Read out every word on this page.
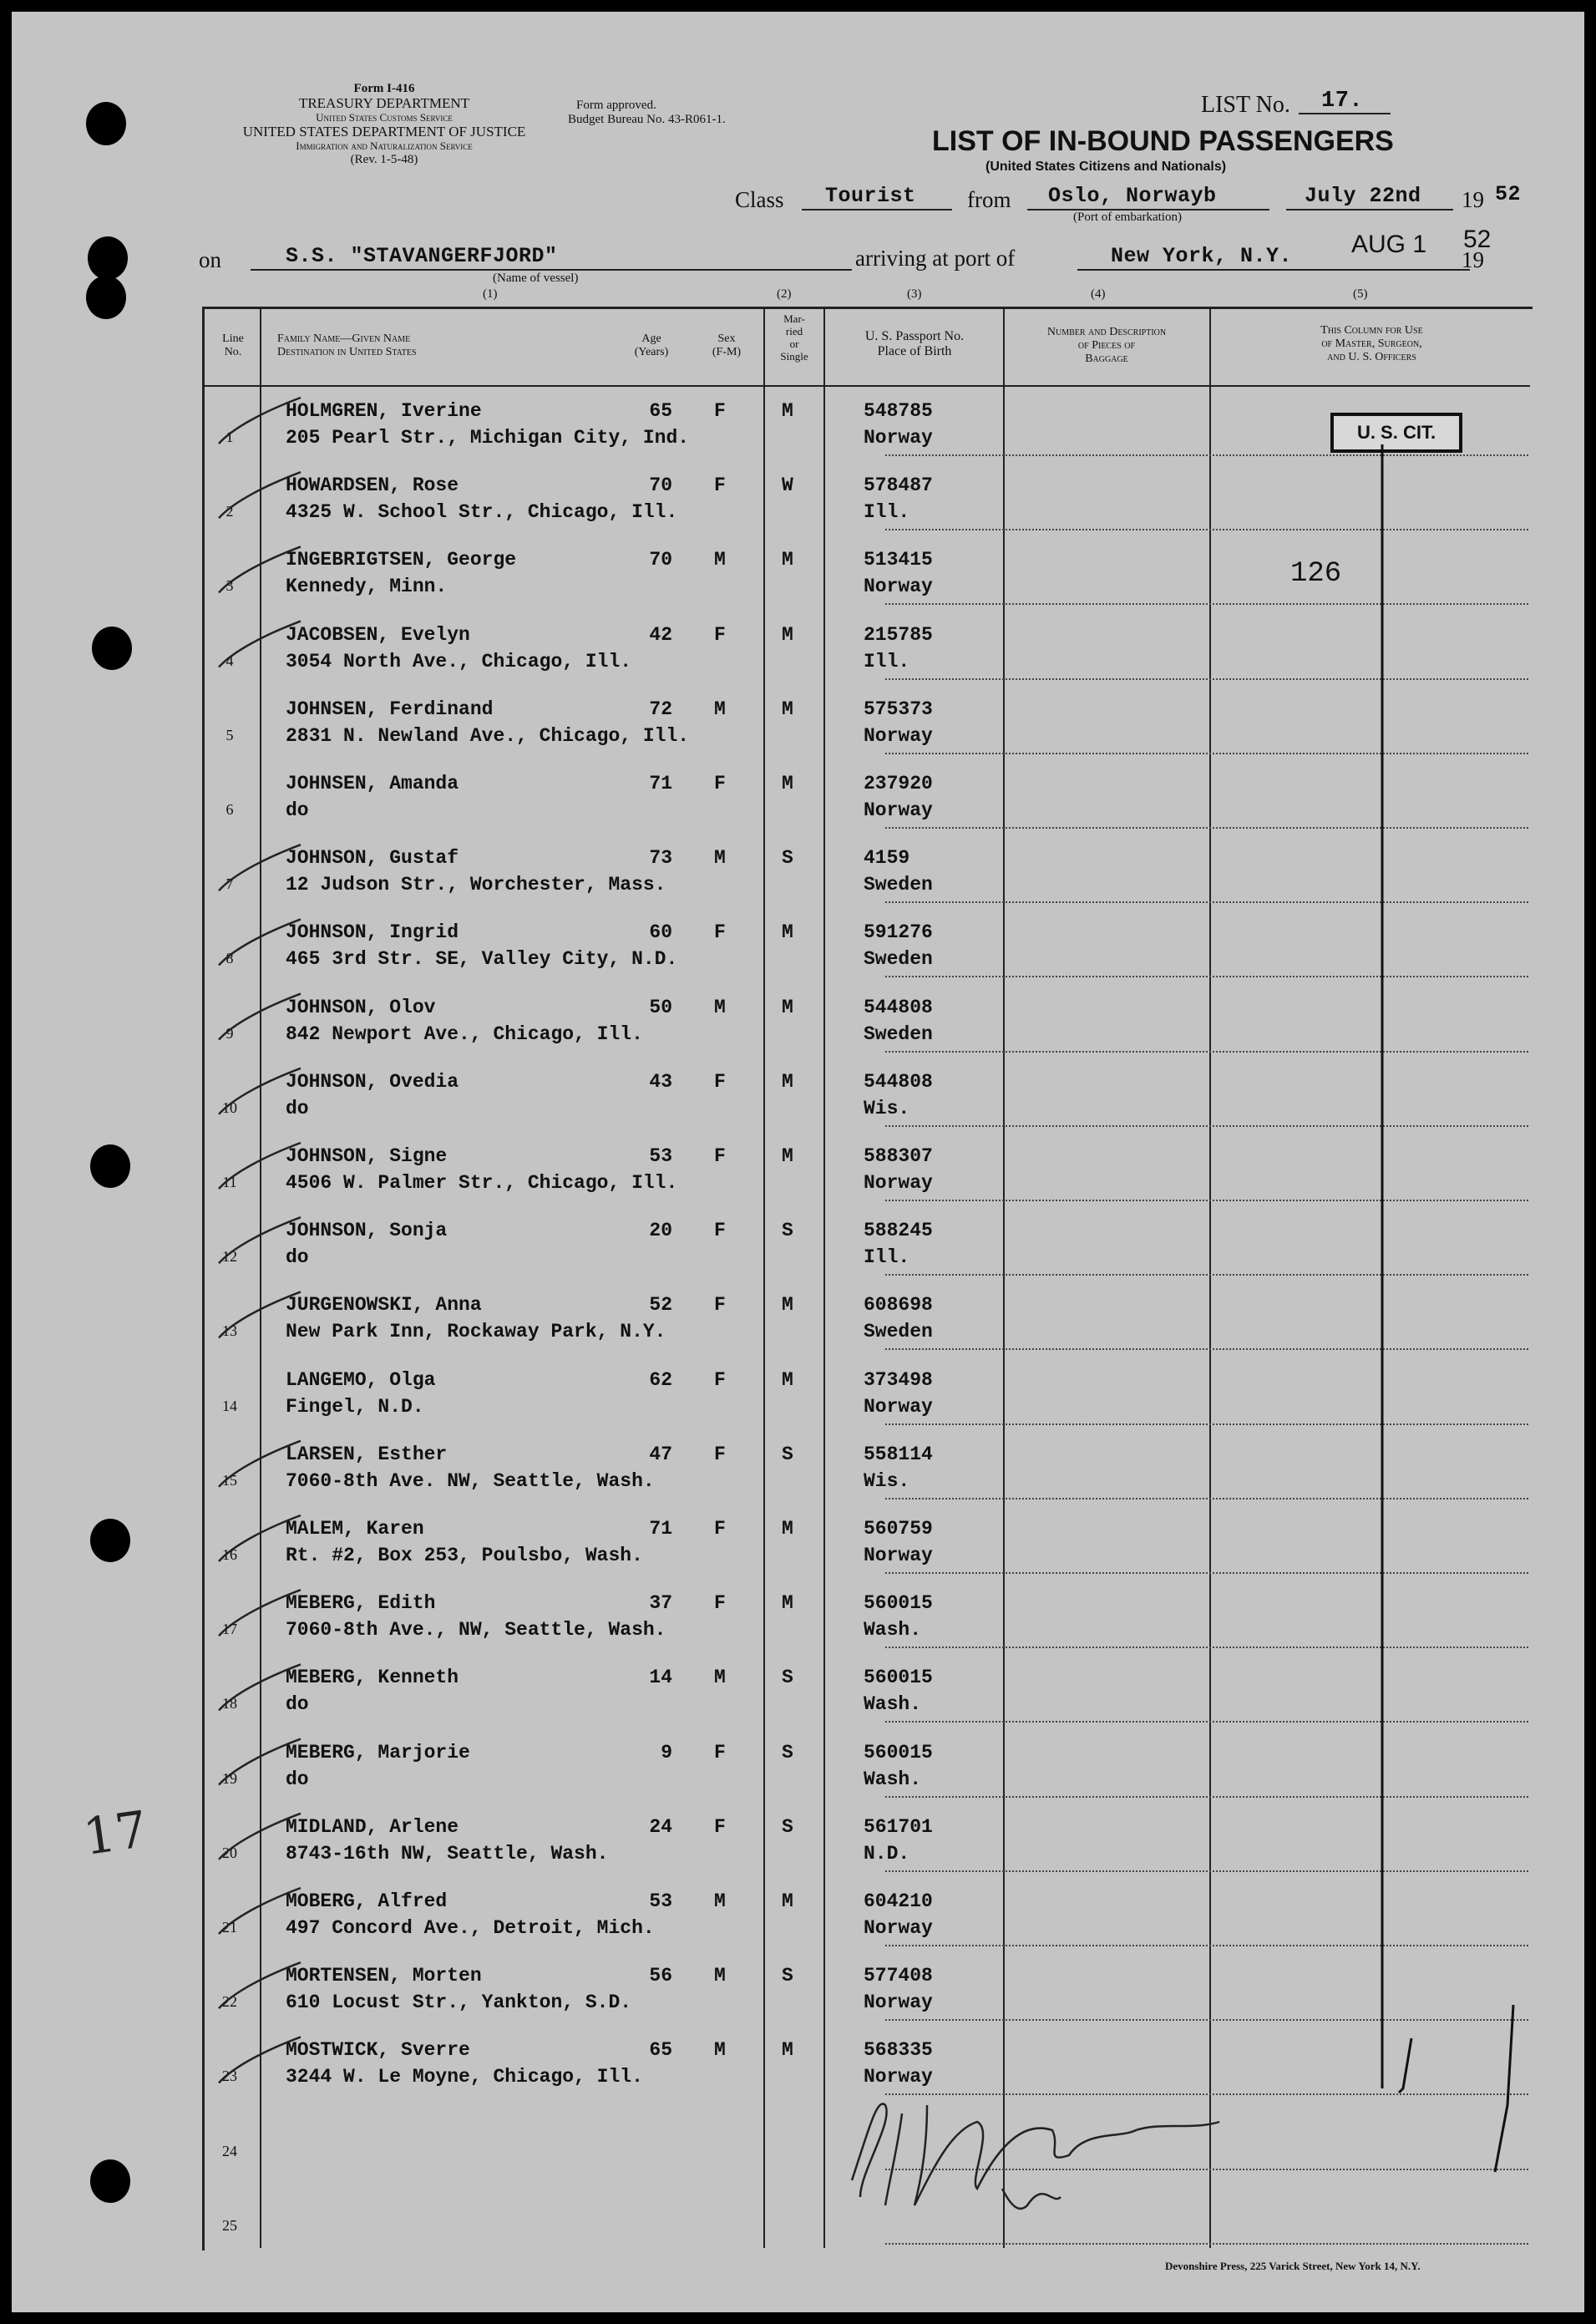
Form I-416
TREASURY DEPARTMENT
United States Customs Service
UNITED STATES DEPARTMENT OF JUSTICE
Immigration and Naturalization Service
(Rev. 1-5-48)
Form approved.
Budget Bureau No. 43-R061-1.
LIST No. 17.
LIST OF IN-BOUND PASSENGERS
(United States Citizens and Nationals)
Class Tourist from Oslo, Norwayb
(Port of embarkation)
July 22nd 19 52
on	S.S. "STAVANGERFJORD"
(Name of vessel)
arriving at port of	New York, N.Y. AUG 1
19
52
(1)	(2)	(3)	(4)	(5)
Line No.
Family Name—Given Name
Destination in United States
Age
(Years)
Sex
(F-M)
Mar-
ried
or
Single
U. S. Passport No.
Place of Birth
Number and Description
of Pieces of
Baggage
This Column for Use
of Master, Surgeon,
and U. S. Officers
1
HOLMGREN, Iverine
205 Pearl Str., Michigan City, Ind.
65 F	M	548785
Norway
2
HOWARDSEN, Rose
4325 W. School Str., Chicago, Ill.
70 F	W	578487
Ill.
3
INGEBRIGTSEN, George
Kennedy, Minn.
70 M	M	513415
Norway
4
JACOBSEN, Evelyn
3054 North Ave., Chicago, Ill.
42 F	M	215785
Ill.
5
JOHNSEN, Ferdinand
2831 N. Newland Ave., Chicago, Ill.
72 M	M	575373
Norway
6
JOHNSEN, Amanda
do
71 F	M	237920
Norway
7
JOHNSON, Gustaf
12 Judson Str., Worchester, Mass.
73 M	S	4159
Sweden
8
JOHNSON, Ingrid
465 3rd Str. SE, Valley City, N.D.
60 F	M	591276
Sweden
9
JOHNSON, Olov
842 Newport Ave., Chicago, Ill.
50 M	M	544808
Sweden
10
JOHNSON, Ovedia
do
43 F	M	544808
Wis.
11
JOHNSON, Signe
4506 W. Palmer Str., Chicago, Ill.
53 F	M	588307
Norway
12
JOHNSON, Sonja
do
20 F	S	588245
Ill.
13
JURGENOWSKI, Anna
New Park Inn, Rockaway Park, N.Y.
52 F	M	608698
Sweden
14
LANGEMO, Olga
Fingel, N.D.
62 F	M	373498
Norway
15
LARSEN, Esther
7060-8th Ave. NW, Seattle, Wash.
47 F	S	558114
Wis.
16
MALEM, Karen
Rt. #2, Box 253, Poulsbo, Wash.
71 F	M	560759
Norway
17
MEBERG, Edith
7060-8th Ave., NW, Seattle, Wash.
37 F	M	560015
Wash.
18
MEBERG, Kenneth
do
14 M	S	560015
Wash.
19
MEBERG, Marjorie
do
9 F	S	560015
Wash.
20
MIDLAND, Arlene
8743-16th NW, Seattle, Wash.
24 F	S	561701
N.D.
21
MOBERG, Alfred
497 Concord Ave., Detroit, Mich.
53 M	M	604210
Norway
22
MORTENSEN, Morten
610 Locust Str., Yankton, S.D.
56 M	S	577408
Norway
23
MOSTWICK, Sverre
3244 W. Le Moyne, Chicago, Ill.
65 M	M	568335
Norway
24
25
U. S. CIT.
126
17
Devonshire Press, 225 Varick Street, New York 14, N.Y.
